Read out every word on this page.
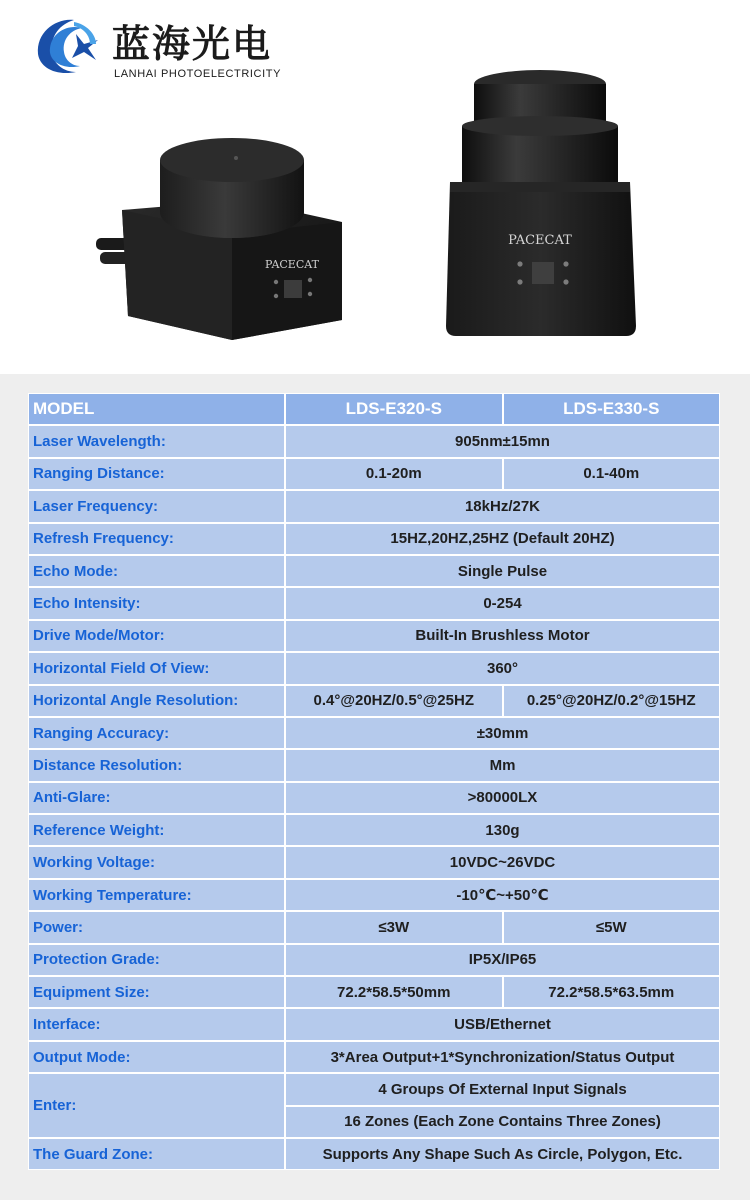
蓝海光电
LANHAI PHOTOELECTRICITY
PACECAT
PACECAT
MODEL	LDS-E320-S	LDS-E330-S
Laser Wavelength:	905nm±15mn
Ranging Distance:	0.1-20m	0.1-40m
Laser Frequency:	18kHz/27K
Refresh Frequency:	15HZ,20HZ,25HZ (Default 20HZ)
Echo Mode:	Single Pulse
Echo Intensity:	0-254
Drive Mode/Motor:	Built-In Brushless Motor
Horizontal Field Of View:	360°
Horizontal Angle Resolution:	0.4°@20HZ/0.5°@25HZ	0.25°@20HZ/0.2°@15HZ
Ranging Accuracy:	±30mm
Distance Resolution:	Mm
Anti-Glare:	>80000LX
Reference Weight:	130g
Working Voltage:	10VDC~26VDC
Working Temperature:	-10℃~+50℃
Power:	≤3W	≤5W
Protection Grade:	IP5X/IP65
Equipment Size:	72.2*58.5*50mm	72.2*58.5*63.5mm
Interface:	USB/Ethernet
Output Mode:	3*Area Output+1*Synchronization/Status Output
Enter:
4 Groups Of External Input Signals
16 Zones (Each Zone Contains Three Zones)
The Guard Zone:	Supports Any Shape Such As Circle, Polygon, Etc.
